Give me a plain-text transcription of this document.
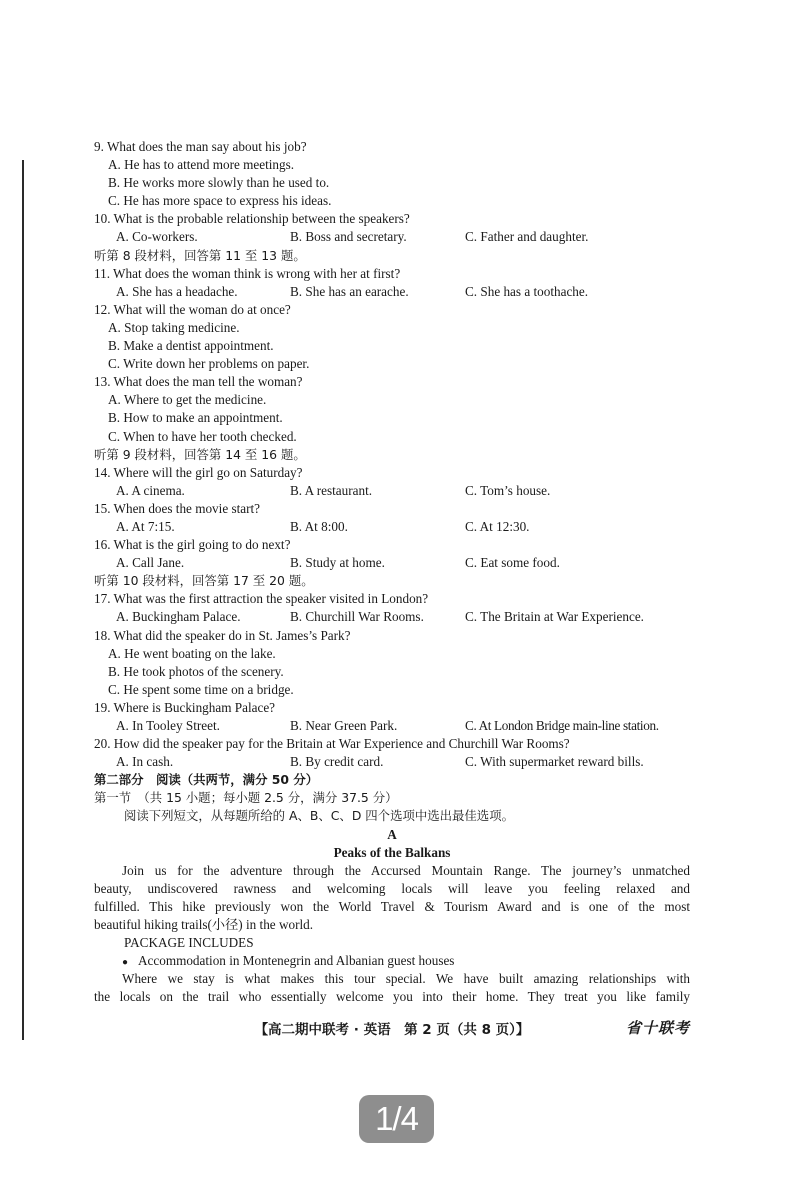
9. What does the man say about his job?
A. He has to attend more meetings.
B. He works more slowly than he used to.
C. He has more space to express his ideas.
10. What is the probable relationship between the speakers?
A. Co-workers.	B. Boss and secretary.	C. Father and daughter.
听第 8 段材料，回答第 11 至 13 题。
11. What does the woman think is wrong with her at first?
A. She has a headache.	B. She has an earache.	C. She has a toothache.
12. What will the woman do at once?
A. Stop taking medicine.
B. Make a dentist appointment.
C. Write down her problems on paper.
13. What does the man tell the woman?
A. Where to get the medicine.
B. How to make an appointment.
C. When to have her tooth checked.
听第 9 段材料，回答第 14 至 16 题。
14. Where will the girl go on Saturday?
A. A cinema.	B. A restaurant.	C. Tom’s house.
15. When does the movie start?
A. At 7:15.	B. At 8:00.	C. At 12:30.
16. What is the girl going to do next?
A. Call Jane.	B. Study at home.	C. Eat some food.
听第 10 段材料，回答第 17 至 20 题。
17. What was the first attraction the speaker visited in London?
A. Buckingham Palace.	B. Churchill War Rooms.	C. The Britain at War Experience.
18. What did the speaker do in St. James’s Park?
A. He went boating on the lake.
B. He took photos of the scenery.
C. He spent some time on a bridge.
19. Where is Buckingham Palace?
A. In Tooley Street.	B. Near Green Park.	C. At London Bridge main-line station.
20. How did the speaker pay for the Britain at War Experience and Churchill War Rooms?
A. In cash.	B. By credit card.	C. With supermarket reward bills.
第二部分　阅读（共两节，满分 50 分）
第一节　（共 15 小题；每小题 2.5 分，满分 37.5 分）
阅读下列短文，从每题所给的 A、B、C、D 四个选项中选出最佳选项。
A
Peaks of the Balkans
Join us for the adventure through the Accursed Mountain Range. The journey’s unmatched
beauty, undiscovered rawness and welcoming locals will leave you feeling relaxed and
fulfilled. This hike previously won the World Travel & Tourism Award and is one of the most
beautiful hiking trails(小径) in the world.
PACKAGE INCLUDES
● Accommodation in Montenegrin and Albanian guest houses
Where we stay is what makes this tour special. We have built amazing relationships with
the locals on the trail who essentially welcome you into their home. They treat you like family
【高二期中联考 · 英语　第 2 页（共 8 页）】	省十联考
1/4
